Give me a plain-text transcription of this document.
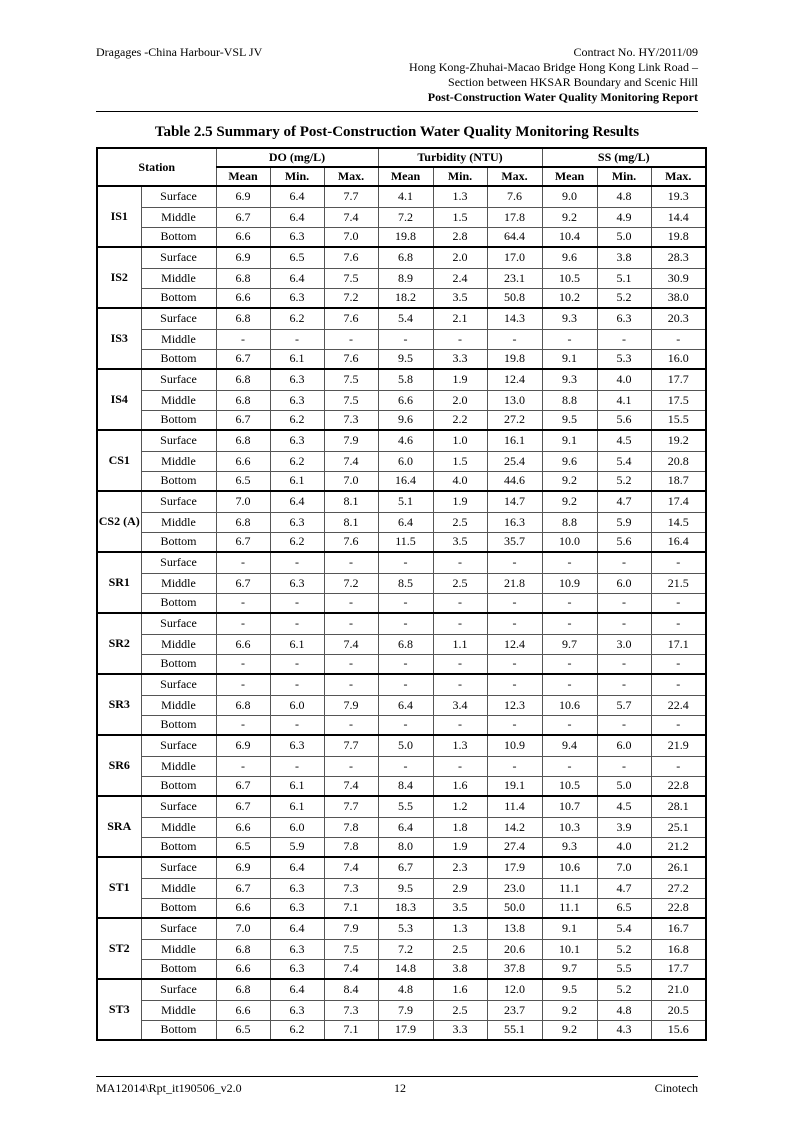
Dragages -China Harbour-VSL JV	Contract No. HY/2011/09
Hong Kong-Zhuhai-Macao Bridge Hong Kong Link Road –
Section between HKSAR Boundary and Scenic Hill
Post-Construction Water Quality Monitoring Report
Table 2.5 Summary of Post-Construction Water Quality Monitoring Results
Station		DO (mg/L)			Turbidity (NTU)			SS (mg/L)		
		Mean	Min.	Max.	Mean	Min.	Max.	Mean	Min.	Max.
IS1	Surface	6.9	6.4	7.7	4.1	1.3	7.6	9.0	4.8	19.3
	Middle	6.7	6.4	7.4	7.2	1.5	17.8	9.2	4.9	14.4
	Bottom	6.6	6.3	7.0	19.8	2.8	64.4	10.4	5.0	19.8
IS2	Surface	6.9	6.5	7.6	6.8	2.0	17.0	9.6	3.8	28.3
	Middle	6.8	6.4	7.5	8.9	2.4	23.1	10.5	5.1	30.9
	Bottom	6.6	6.3	7.2	18.2	3.5	50.8	10.2	5.2	38.0
IS3	Surface	6.8	6.2	7.6	5.4	2.1	14.3	9.3	6.3	20.3
	Middle	-	-	-	-	-	-	-	-	-
	Bottom	6.7	6.1	7.6	9.5	3.3	19.8	9.1	5.3	16.0
IS4	Surface	6.8	6.3	7.5	5.8	1.9	12.4	9.3	4.0	17.7
	Middle	6.8	6.3	7.5	6.6	2.0	13.0	8.8	4.1	17.5
	Bottom	6.7	6.2	7.3	9.6	2.2	27.2	9.5	5.6	15.5
CS1	Surface	6.8	6.3	7.9	4.6	1.0	16.1	9.1	4.5	19.2
	Middle	6.6	6.2	7.4	6.0	1.5	25.4	9.6	5.4	20.8
	Bottom	6.5	6.1	7.0	16.4	4.0	44.6	9.2	5.2	18.7
CS2 (A)	Surface	7.0	6.4	8.1	5.1	1.9	14.7	9.2	4.7	17.4
	Middle	6.8	6.3	8.1	6.4	2.5	16.3	8.8	5.9	14.5
	Bottom	6.7	6.2	7.6	11.5	3.5	35.7	10.0	5.6	16.4
SR1	Surface	-	-	-	-	-	-	-	-	-
	Middle	6.7	6.3	7.2	8.5	2.5	21.8	10.9	6.0	21.5
	Bottom	-	-	-	-	-	-	-	-	-
SR2	Surface	-	-	-	-	-	-	-	-	-
	Middle	6.6	6.1	7.4	6.8	1.1	12.4	9.7	3.0	17.1
	Bottom	-	-	-	-	-	-	-	-	-
SR3	Surface	-	-	-	-	-	-	-	-	-
	Middle	6.8	6.0	7.9	6.4	3.4	12.3	10.6	5.7	22.4
	Bottom	-	-	-	-	-	-	-	-	-
SR6	Surface	6.9	6.3	7.7	5.0	1.3	10.9	9.4	6.0	21.9
	Middle	-	-	-	-	-	-	-	-	-
	Bottom	6.7	6.1	7.4	8.4	1.6	19.1	10.5	5.0	22.8
SRA	Surface	6.7	6.1	7.7	5.5	1.2	11.4	10.7	4.5	28.1
	Middle	6.6	6.0	7.8	6.4	1.8	14.2	10.3	3.9	25.1
	Bottom	6.5	5.9	7.8	8.0	1.9	27.4	9.3	4.0	21.2
ST1	Surface	6.9	6.4	7.4	6.7	2.3	17.9	10.6	7.0	26.1
	Middle	6.7	6.3	7.3	9.5	2.9	23.0	11.1	4.7	27.2
	Bottom	6.6	6.3	7.1	18.3	3.5	50.0	11.1	6.5	22.8
ST2	Surface	7.0	6.4	7.9	5.3	1.3	13.8	9.1	5.4	16.7
	Middle	6.8	6.3	7.5	7.2	2.5	20.6	10.1	5.2	16.8
	Bottom	6.6	6.3	7.4	14.8	3.8	37.8	9.7	5.5	17.7
ST3	Surface	6.8	6.4	8.4	4.8	1.6	12.0	9.5	5.2	21.0
	Middle	6.6	6.3	7.3	7.9	2.5	23.7	9.2	4.8	20.5
	Bottom	6.5	6.2	7.1	17.9	3.3	55.1	9.2	4.3	15.6
MA12014\Rpt_it190506_v2.0	12	Cinotech
